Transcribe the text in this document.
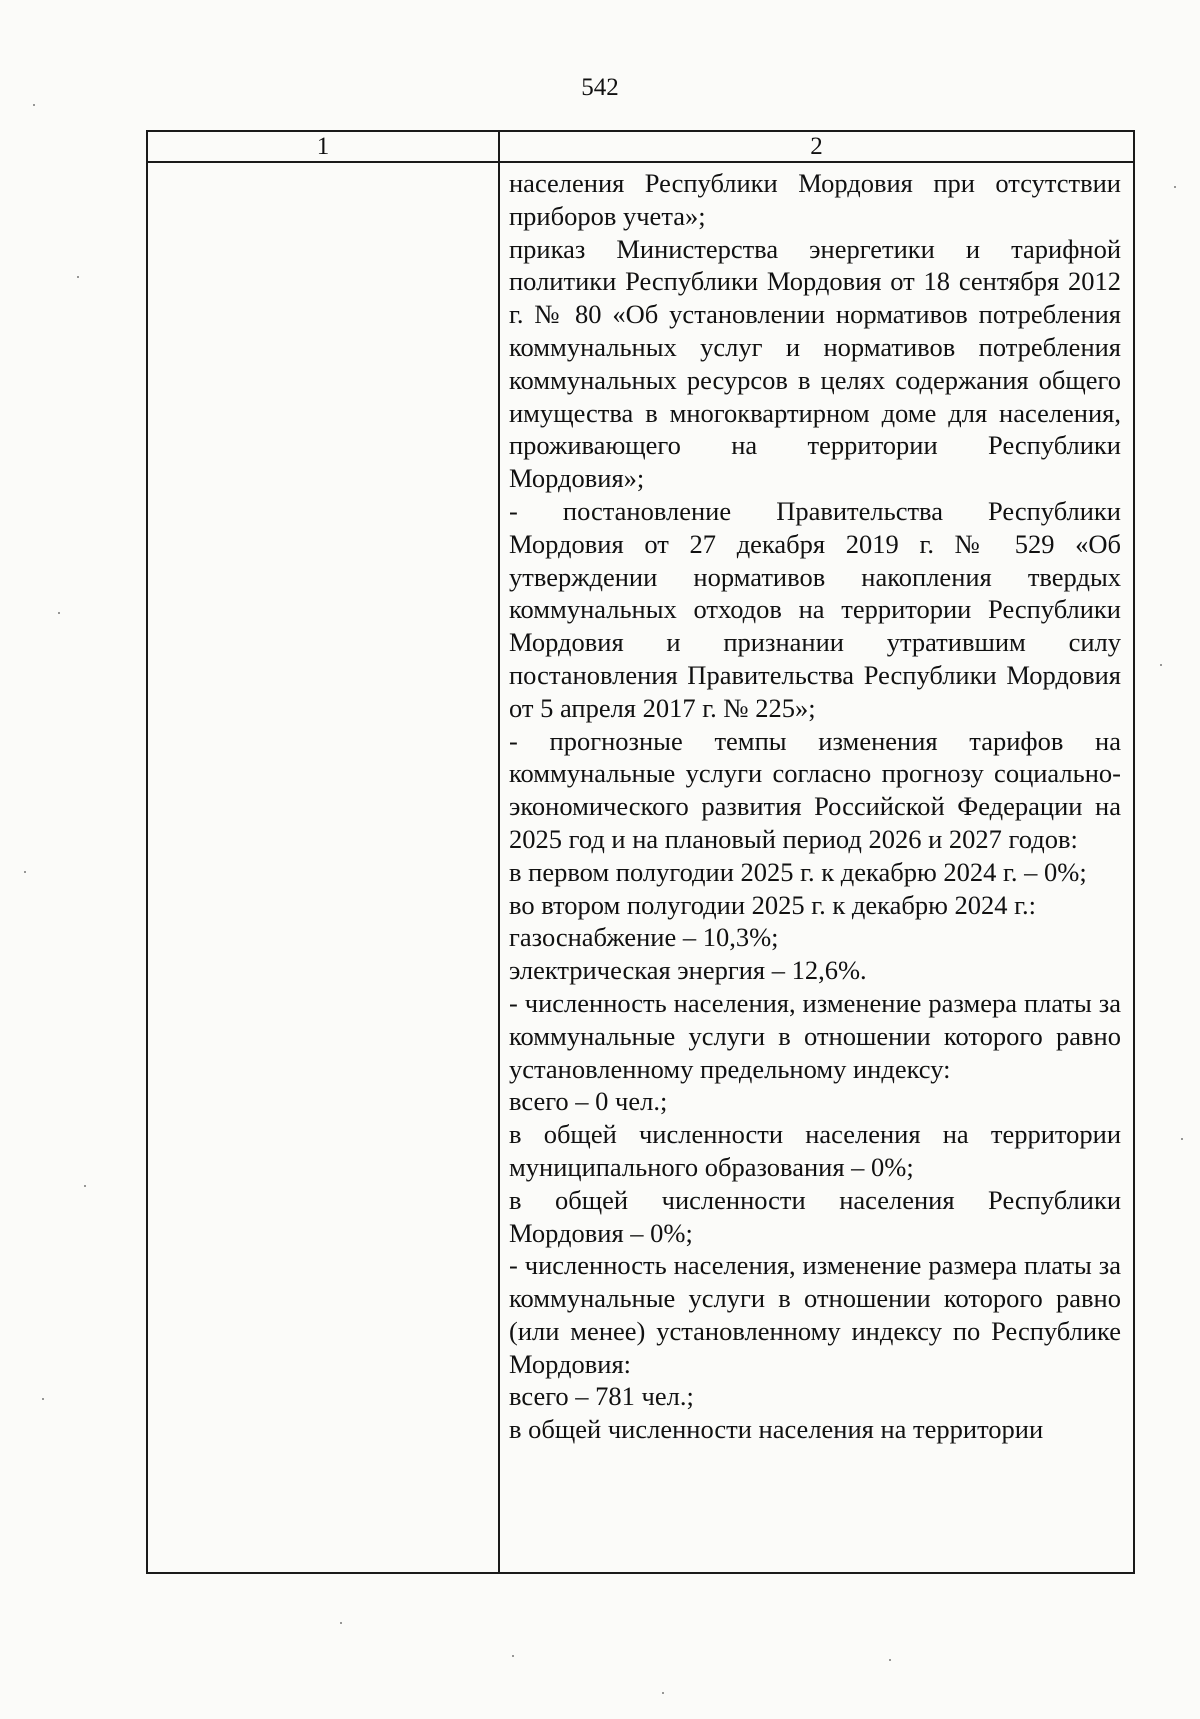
542
1	2

населения Республики Мордовия при отсутствии приборов учета»;

приказ Министерства энергетики и тарифной политики Республики Мордовия от 18 сентября 2012 г. № 80 «Об установлении нормативов потребления коммунальных услуг и нормативов потребления коммунальных ресурсов в целях содержания общего имущества в многоквартирном доме для населения, проживающего на территории Республики Мордовия»;

- постановление Правительства Республики Мордовия от 27 декабря 2019 г. № 529 «Об утверждении нормативов накопления твердых коммунальных отходов на территории Республики Мордовия и признании утратившим силу постановления Правительства Республики Мордовия от 5 апреля 2017 г. № 225»;

- прогнозные темпы изменения тарифов на коммунальные услуги согласно прогнозу социально-экономического развития Российской Федерации на 2025 год и на плановый период 2026 и 2027 годов:

в первом полугодии 2025 г. к декабрю 2024 г. – 0%;

во втором полугодии 2025 г. к декабрю 2024 г.:

газоснабжение – 10,3%;

электрическая энергия – 12,6%.

- численность населения, изменение размера платы за коммунальные услуги в отношении которого равно установленному предельному индексу:

всего – 0 чел.;

в общей численности населения на территории муниципального образования – 0%;

в общей численности населения Республики Мордовия – 0%;

- численность населения, изменение размера платы за коммунальные услуги в отношении которого равно (или менее) установленному индексу по Республике Мордовия:

всего – 781 чел.;

в общей численности населения на территории
